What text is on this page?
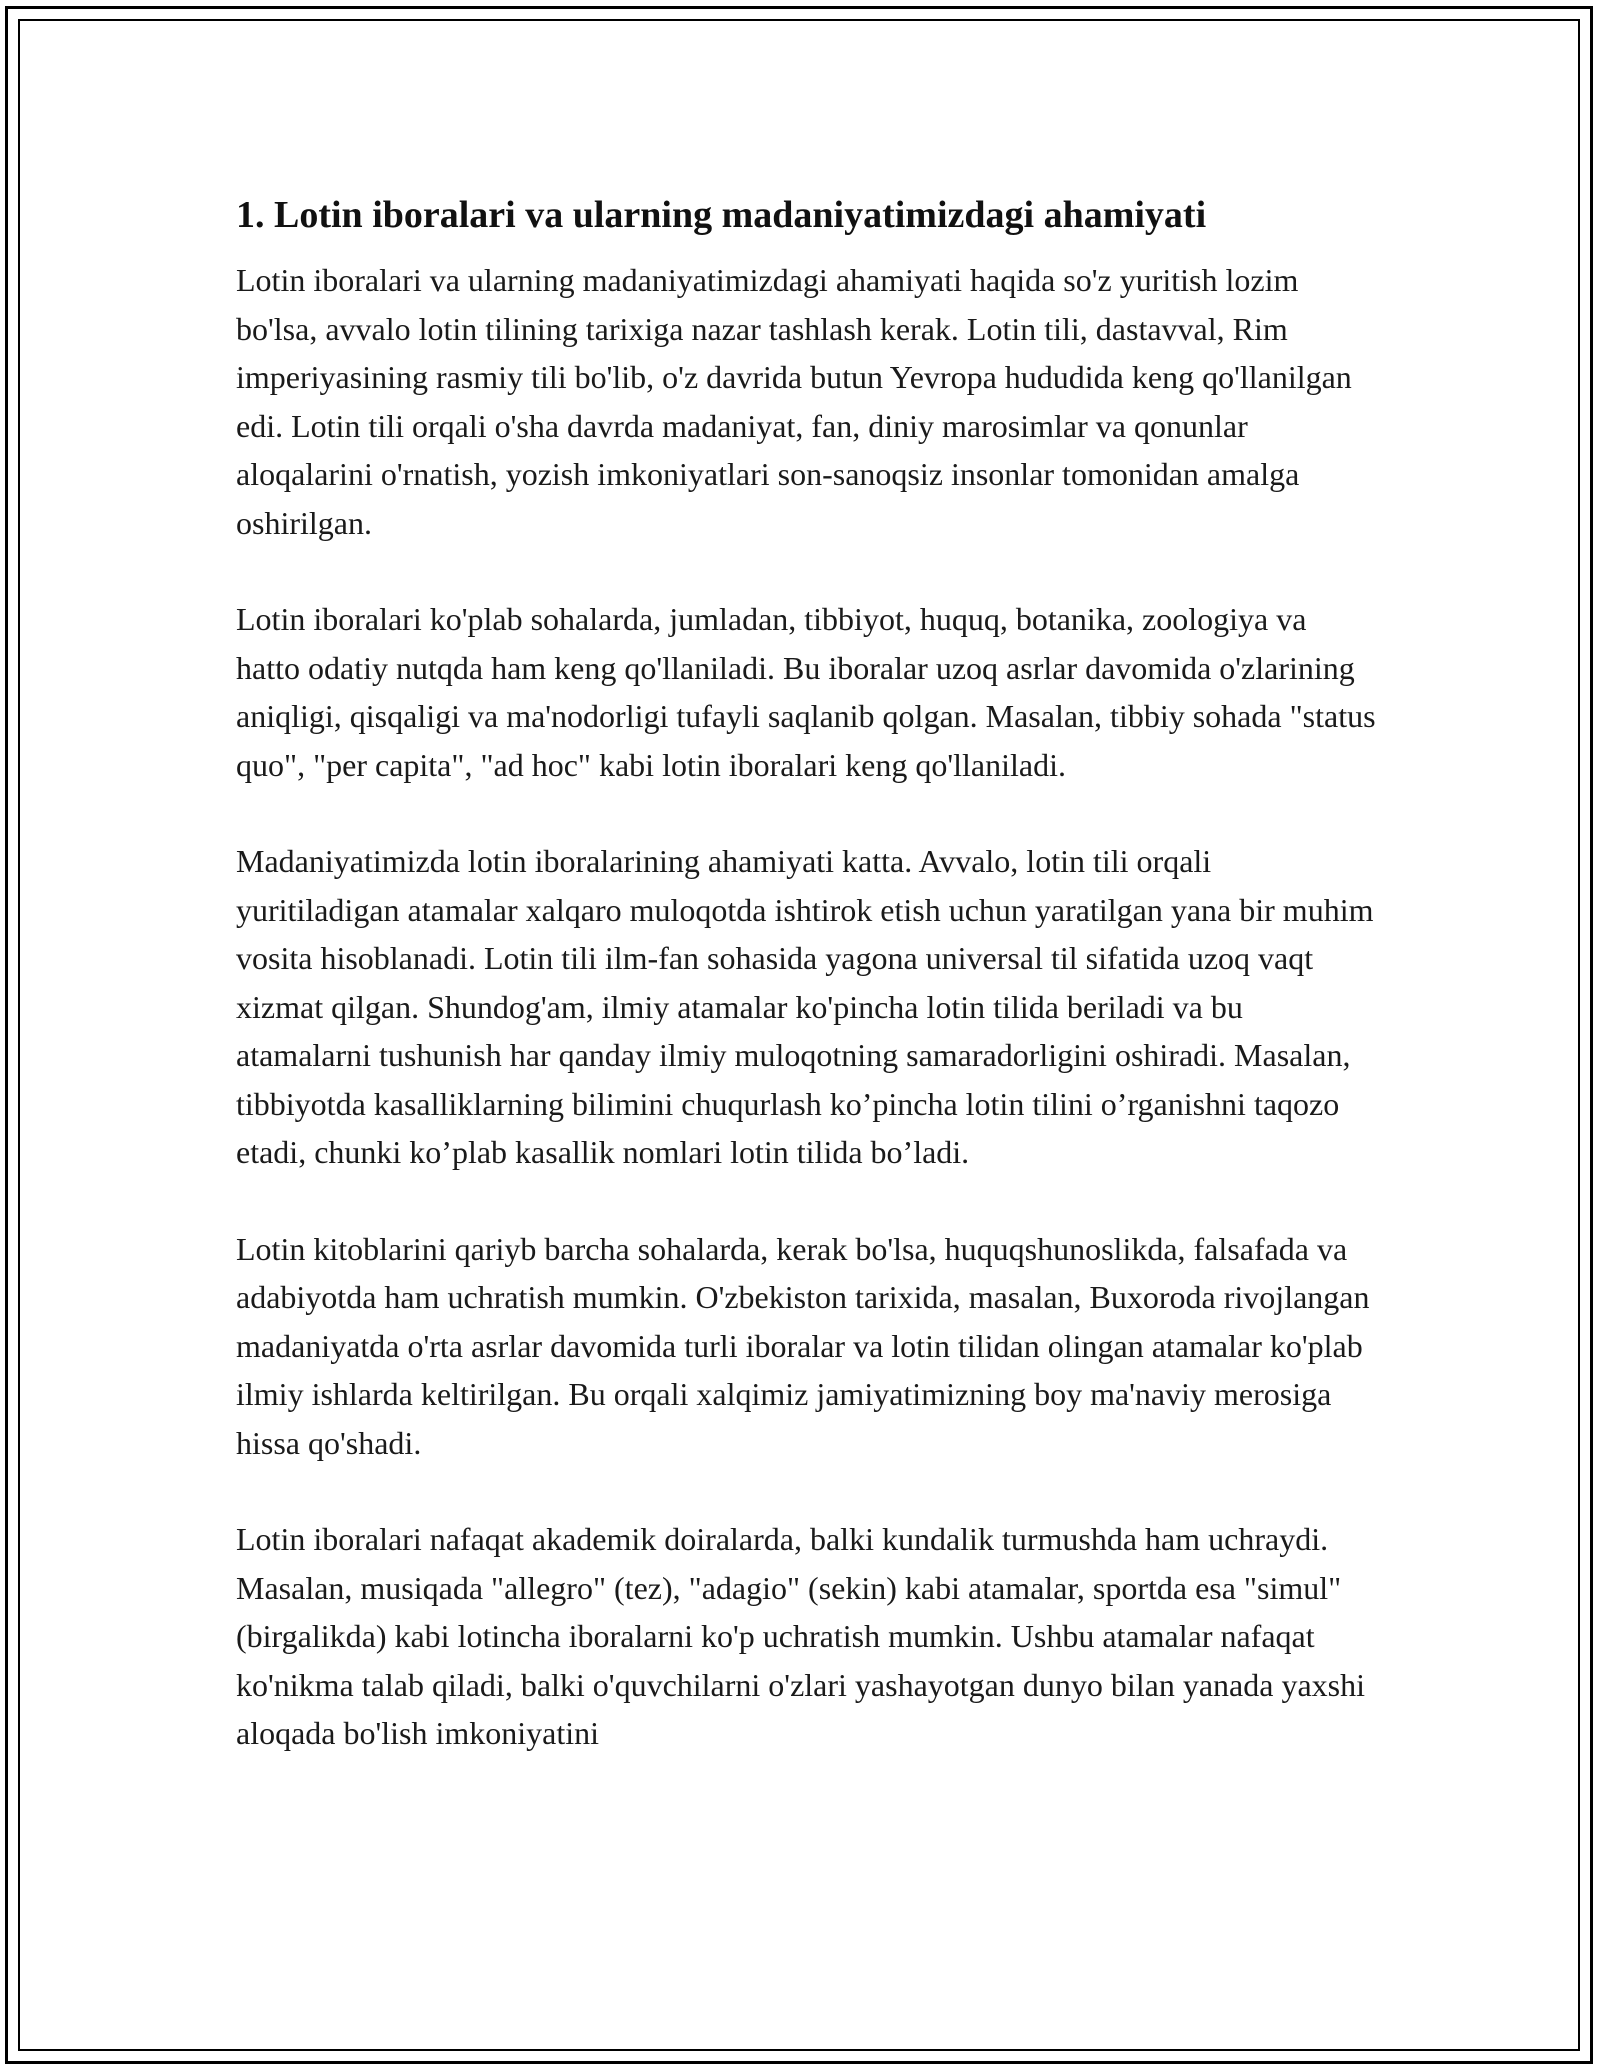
1. Lotin iboralari va ularning madaniyatimizdagi ahamiyati

Lotin iboralari va ularning madaniyatimizdagi ahamiyati haqida so'z yuritish lozim bo'lsa, avvalo lotin tilining tarixiga nazar tashlash kerak. Lotin tili, dastavval, Rim imperiyasining rasmiy tili bo'lib, o'z davrida butun Yevropa hududida keng qo'llanilgan edi. Lotin tili orqali o'sha davrda madaniyat, fan, diniy marosimlar va qonunlar aloqalarini o'rnatish, yozish imkoniyatlari son-sanoqsiz insonlar tomonidan amalga oshirilgan.

Lotin iboralari ko'plab sohalarda, jumladan, tibbiyot, huquq, botanika, zoologiya va hatto odatiy nutqda ham keng qo'llaniladi. Bu iboralar uzoq asrlar davomida o'zlarining aniqligi, qisqaligi va ma'nodorligi tufayli saqlanib qolgan. Masalan, tibbiy sohada "status quo", "per capita", "ad hoc" kabi lotin iboralari keng qo'llaniladi.

Madaniyatimizda lotin iboralarining ahamiyati katta. Avvalo, lotin tili orqali yuritiladigan atamalar xalqaro muloqotda ishtirok etish uchun yaratilgan yana bir muhim vosita hisoblanadi. Lotin tili ilm-fan sohasida yagona universal til sifatida uzoq vaqt xizmat qilgan. Shundog'am, ilmiy atamalar ko'pincha lotin tilida beriladi va bu atamalarni tushunish har qanday ilmiy muloqotning samaradorligini oshiradi. Masalan, tibbiyotda kasalliklarning bilimini chuqurlash ko’pincha lotin tilini o’rganishni taqozo etadi, chunki ko’plab kasallik nomlari lotin tilida bo’ladi.

Lotin kitoblarini qariyb barcha sohalarda, kerak bo'lsa, huquqshunoslikda, falsafada va adabiyotda ham uchratish mumkin. O'zbekiston tarixida, masalan, Buxoroda rivojlangan madaniyatda o'rta asrlar davomida turli iboralar va lotin tilidan olingan atamalar ko'plab ilmiy ishlarda keltirilgan. Bu orqali xalqimiz jamiyatimizning boy ma'naviy merosiga hissa qo'shadi.

Lotin iboralari nafaqat akademik doiralarda, balki kundalik turmushda ham uchraydi. Masalan, musiqada "allegro" (tez), "adagio" (sekin) kabi atamalar, sportda esa "simul" (birgalikda) kabi lotincha iboralarni ko'p uchratish mumkin. Ushbu atamalar nafaqat ko'nikma talab qiladi, balki o'quvchilarni o'zlari yashayotgan dunyo bilan yanada yaxshi aloqada bo'lish imkoniyatini
